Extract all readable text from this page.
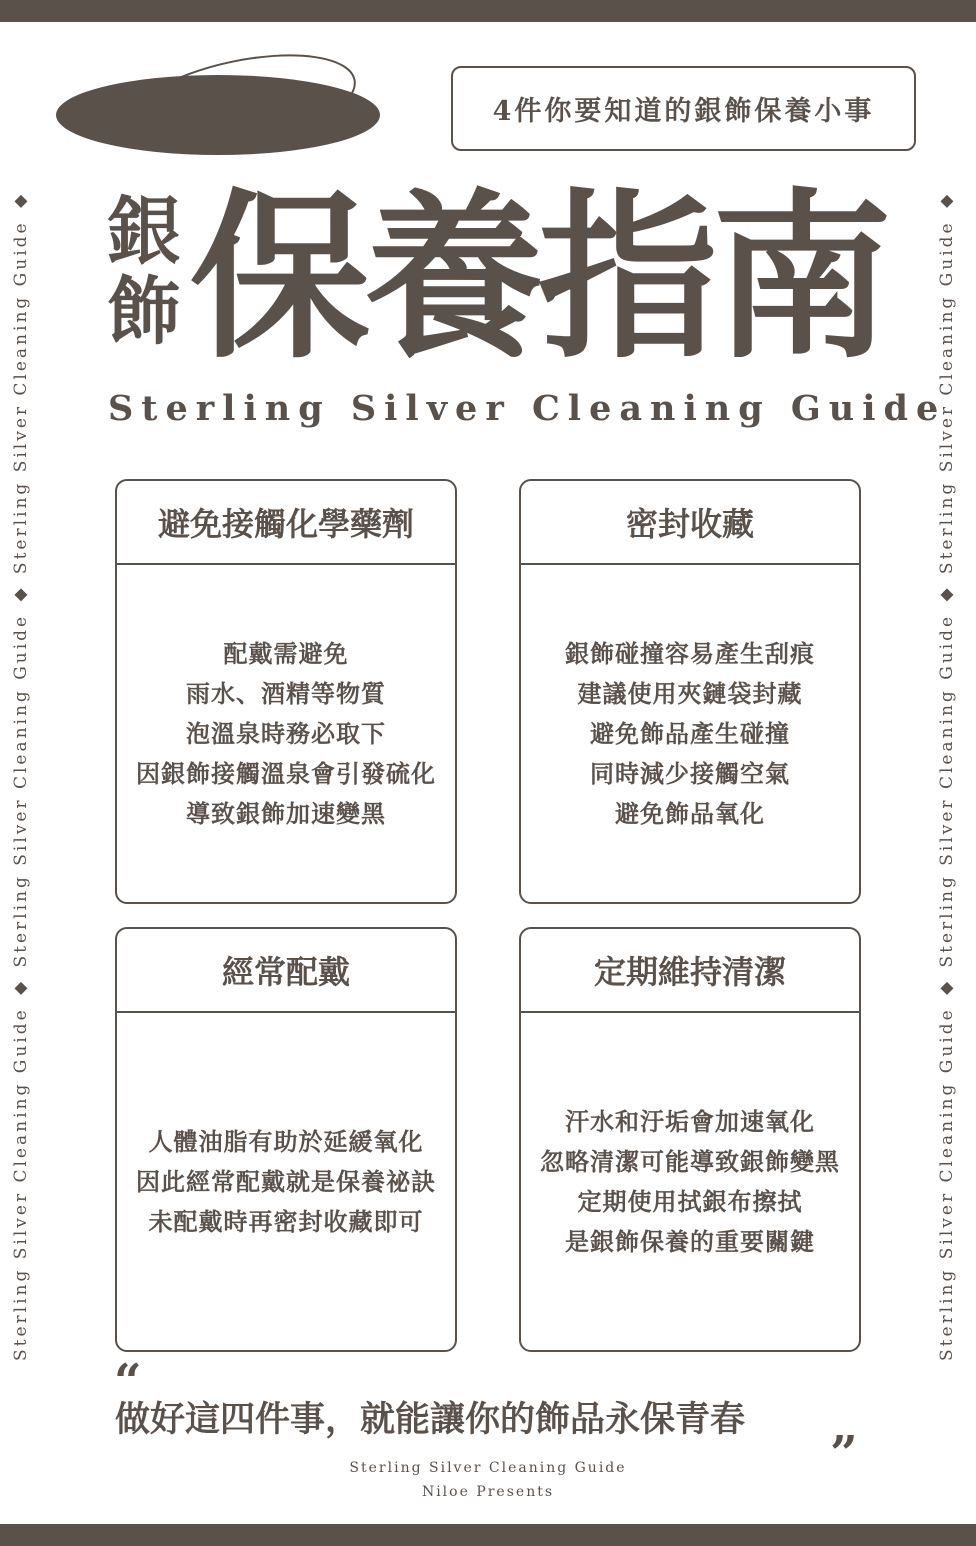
Sterling Silver Cleaning Guide ◆ Sterling Silver Cleaning Guide ◆ Sterling Silver Cleaning Guide ◆	Sterling Silver Cleaning Guide ◆ Sterling Silver Cleaning Guide ◆ Sterling Silver Cleaning Guide ◆
4件你要知道的銀飾保養小事
銀飾 保養指南
Sterling Silver Cleaning Guide
避免接觸化學藥劑
配戴需避免
雨水、酒精等物質
泡溫泉時務必取下
因銀飾接觸溫泉會引發硫化
導致銀飾加速變黑
密封收藏
銀飾碰撞容易產生刮痕
建議使用夾鏈袋封藏
避免飾品產生碰撞
同時減少接觸空氣
避免飾品氧化
經常配戴
人體油脂有助於延緩氧化
因此經常配戴就是保養祕訣
未配戴時再密封收藏即可
定期維持清潔
汗水和汙垢會加速氧化
忽略清潔可能導致銀飾變黑
定期使用拭銀布擦拭
是銀飾保養的重要關鍵
“
做好這四件事，就能讓你的飾品永保青春
”
Sterling Silver Cleaning Guide
Niloe Presents
